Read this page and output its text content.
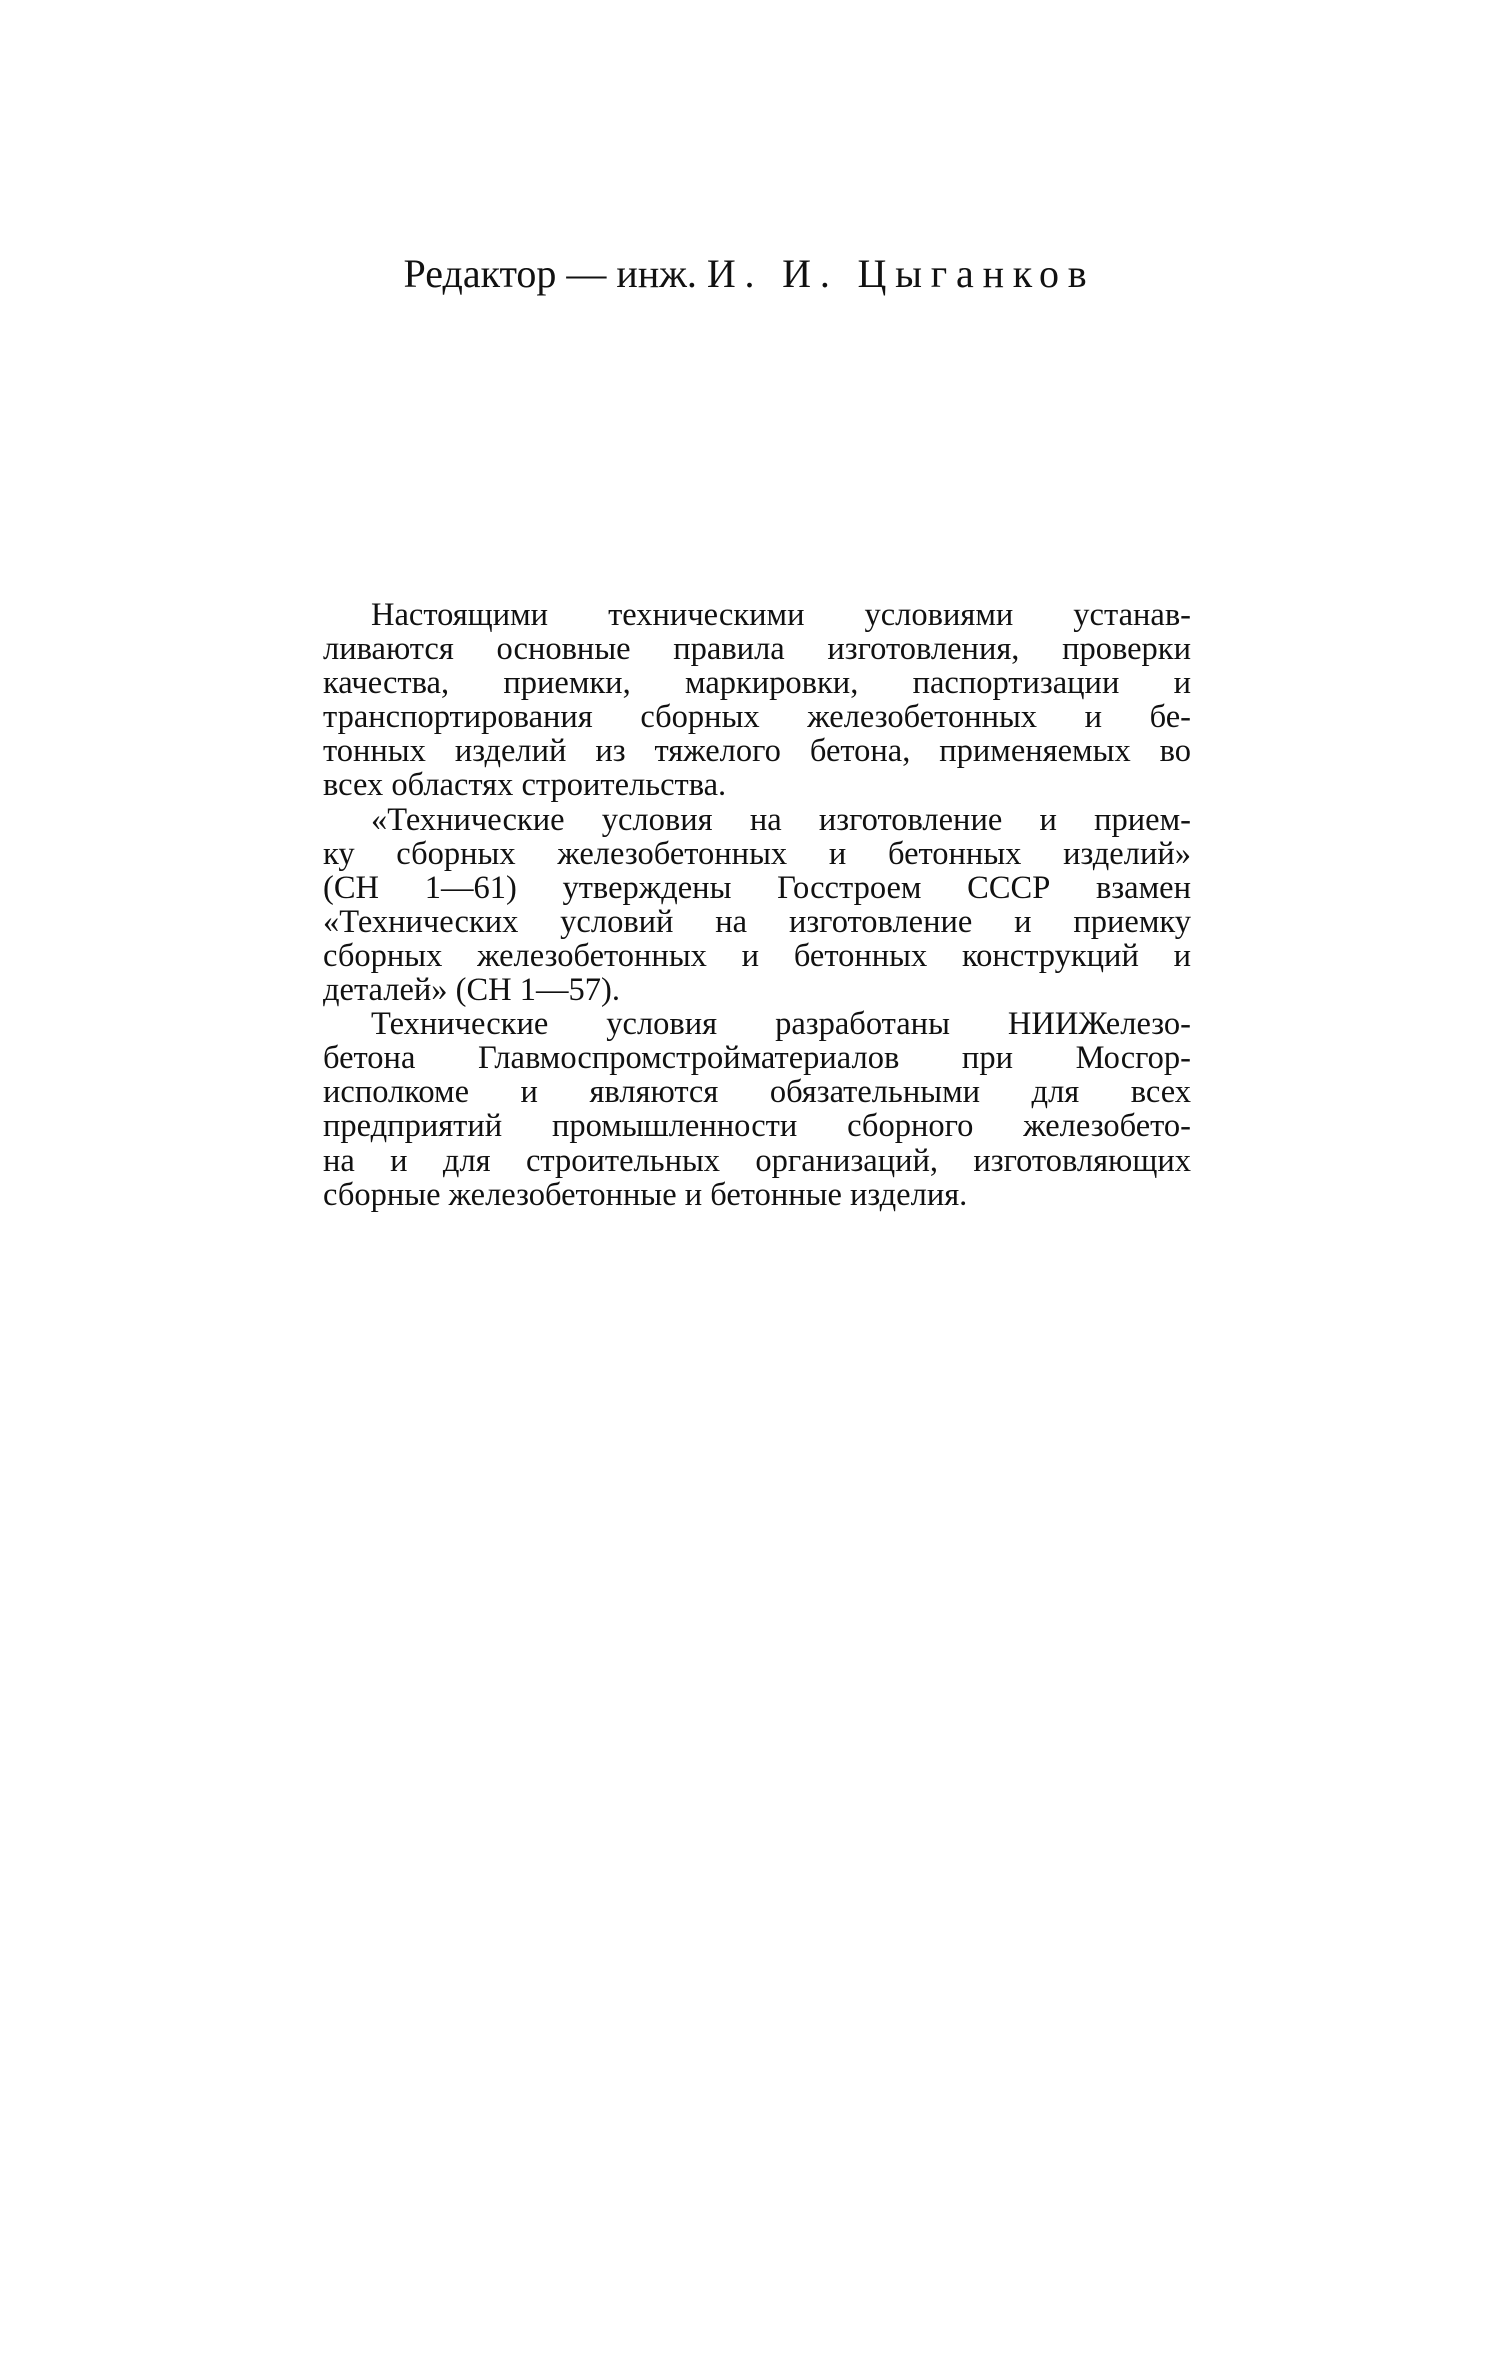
Редактор — инж. И. И. Цыганков

Настоящими техническими условиями устанав-
ливаются основные правила изготовления, проверки
качества, приемки, маркировки, паспортизации и
транспортирования сборных железобетонных и бе-
тонных изделий из тяжелого бетона, применяемых во
всех областях строительства.

«Технические условия на изготовление и прием-
ку сборных железобетонных и бетонных изделий»
(СН 1—61) утверждены Госстроем СССР взамен
«Технических условий на изготовление и приемку
сборных железобетонных и бетонных конструкций и
деталей» (СН 1—57).

Технические условия разработаны НИИЖелезо-
бетона Главмоспромстройматериалов при Мосгор-
исполкоме и являются обязательными для всех
предприятий промышленности сборного железобето-
на и для строительных организаций, изготовляющих
сборные железобетонные и бетонные изделия.
